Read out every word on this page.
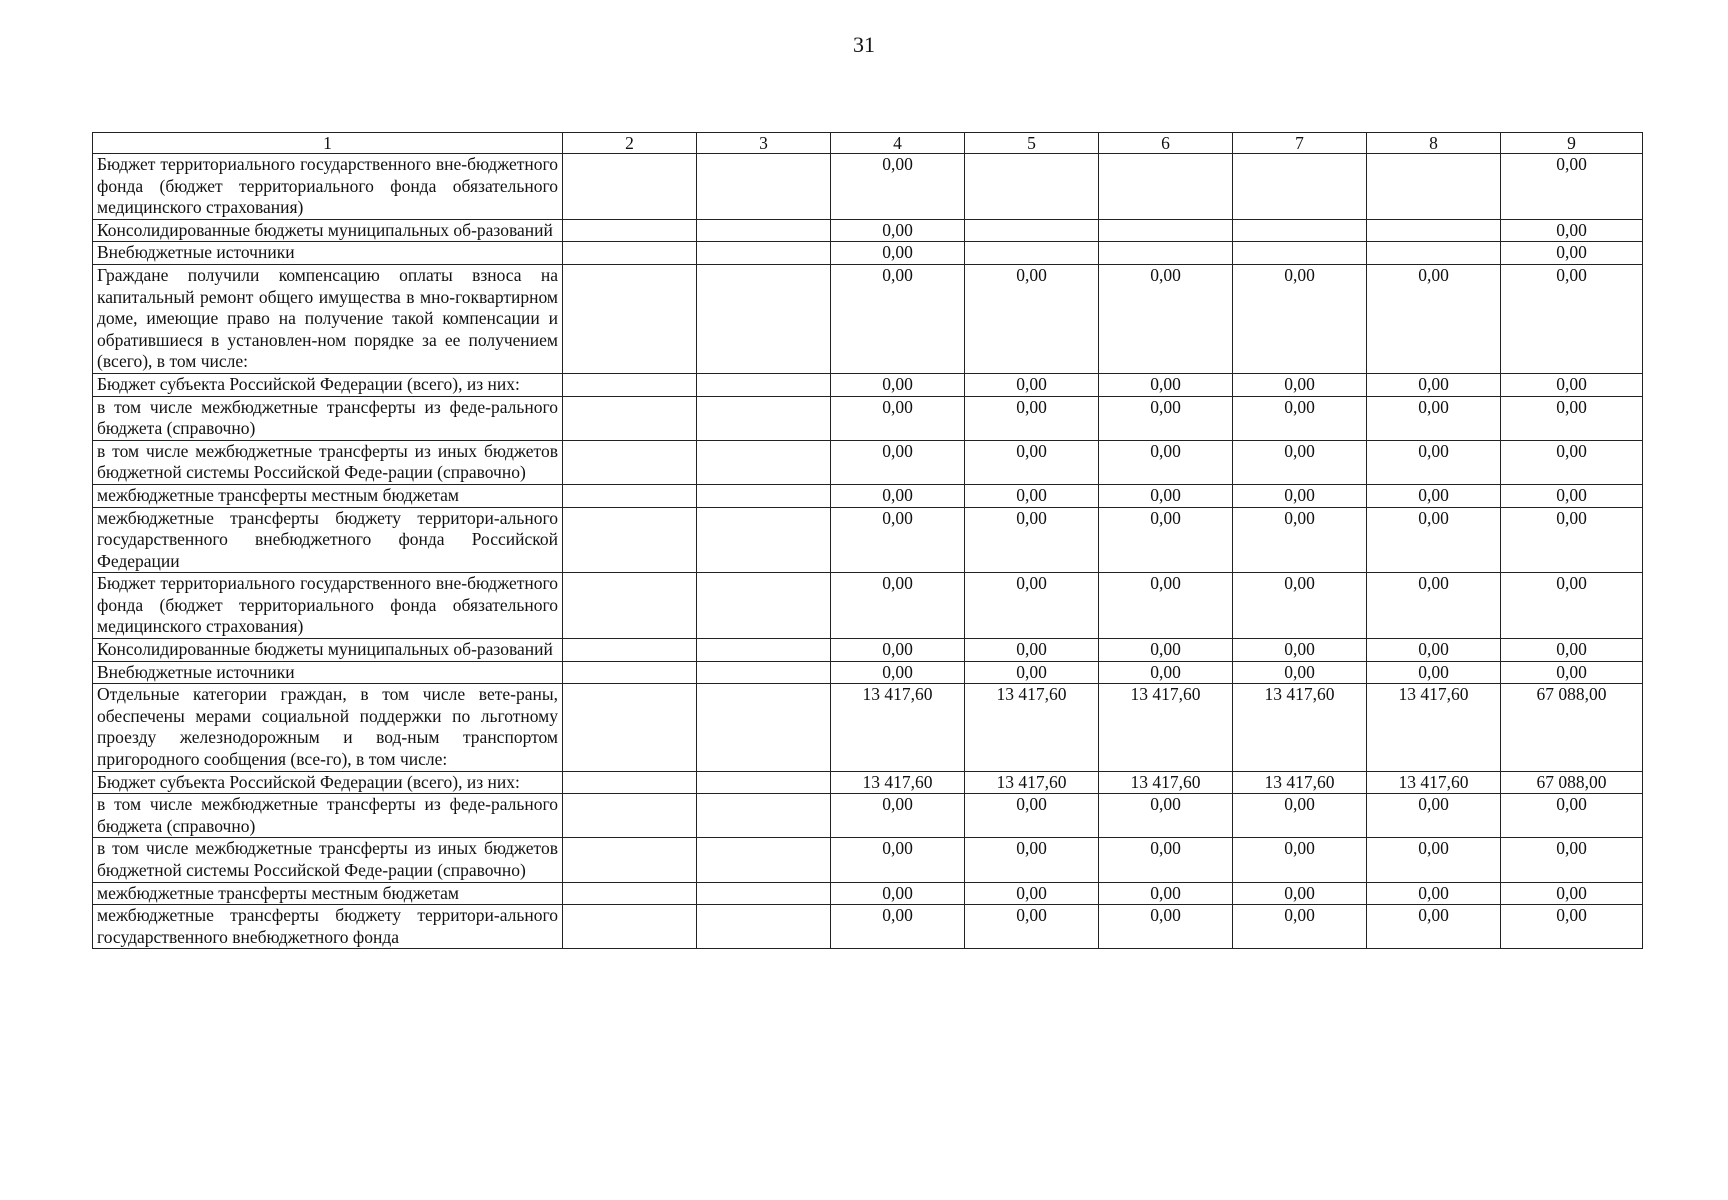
31
1	2	3	4	5	6	7	8	9
Бюджет территориального государственного вне-бюджетного фонда (бюджет территориального фонда обязательного медицинского страхования)			0,00					0,00
Консолидированные бюджеты муниципальных об-разований			0,00					0,00
Внебюджетные источники			0,00					0,00
Граждане получили компенсацию оплаты взноса на капитальный ремонт общего имущества в мно-гоквартирном доме, имеющие право на получение такой компенсации и обратившиеся в установлен-ном порядке за ее получением (всего), в том числе:			0,00	0,00	0,00	0,00	0,00	0,00
Бюджет субъекта Российской Федерации (всего), из них:			0,00	0,00	0,00	0,00	0,00	0,00
в том числе межбюджетные трансферты из феде-рального бюджета (справочно)			0,00	0,00	0,00	0,00	0,00	0,00
в том числе межбюджетные трансферты из иных бюджетов бюджетной системы Российской Феде-рации (справочно)			0,00	0,00	0,00	0,00	0,00	0,00
межбюджетные трансферты местным бюджетам			0,00	0,00	0,00	0,00	0,00	0,00
межбюджетные трансферты бюджету территори-ального государственного внебюджетного фонда Российской Федерации			0,00	0,00	0,00	0,00	0,00	0,00
Бюджет территориального государственного вне-бюджетного фонда (бюджет территориального фонда обязательного медицинского страхования)			0,00	0,00	0,00	0,00	0,00	0,00
Консолидированные бюджеты муниципальных об-разований			0,00	0,00	0,00	0,00	0,00	0,00
Внебюджетные источники			0,00	0,00	0,00	0,00	0,00	0,00
Отдельные категории граждан, в том числе вете-раны, обеспечены мерами социальной поддержки по льготному проезду железнодорожным и вод-ным транспортом пригородного сообщения (все-го), в том числе:			13 417,60	13 417,60	13 417,60	13 417,60	13 417,60	67 088,00
Бюджет субъекта Российской Федерации (всего), из них:			13 417,60	13 417,60	13 417,60	13 417,60	13 417,60	67 088,00
в том числе межбюджетные трансферты из феде-рального бюджета (справочно)			0,00	0,00	0,00	0,00	0,00	0,00
в том числе межбюджетные трансферты из иных бюджетов бюджетной системы Российской Феде-рации (справочно)			0,00	0,00	0,00	0,00	0,00	0,00
межбюджетные трансферты местным бюджетам			0,00	0,00	0,00	0,00	0,00	0,00
межбюджетные трансферты бюджету территори-ального государственного внебюджетного фонда			0,00	0,00	0,00	0,00	0,00	0,00
